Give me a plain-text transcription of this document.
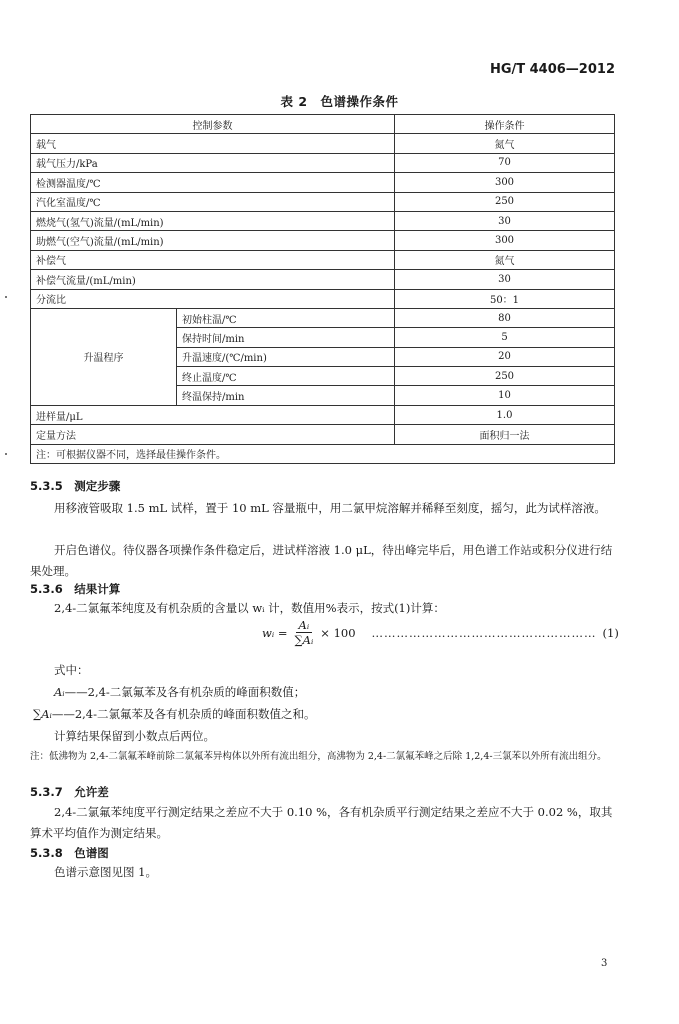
HG/T 4406—2012
表 2　色谱操作条件
控制参数		操作条件
载气		氮气
载气压力/kPa		70
检测器温度/℃		300
汽化室温度/℃		250
燃烧气(氢气)流量/(mL/min)		30
助燃气(空气)流量/(mL/min)		300
补偿气		氮气
补偿气流量/(mL/min)		30
分流比		50：1
升温程序	初始柱温/℃	80
	保持时间/min	5
	升温速度/(℃/min)	20
	终止温度/℃	250
	终温保持/min	10
进样量/μL		1.0
定量方法		面积归一法
注：可根据仪器不同，选择最佳操作条件。		
5.3.5　测定步骤
用移液管吸取 1.5 mL 试样，置于 10 mL 容量瓶中，用二氯甲烷溶解并稀释至刻度，摇匀，此为试样溶液。
开启色谱仪。待仪器各项操作条件稳定后，进试样溶液 1.0 μL，待出峰完毕后，用色谱工作站或积分仪进行结果处理。
5.3.6　结果计算
2,4-二氯氟苯纯度及有机杂质的含量以 wᵢ 计，数值用%表示，按式(1)计算：
wᵢ = $\frac{\text{Aᵢ}}{\text{∑Aᵢ}} \times 100$ ……………………………………………… (1)
式中：
Aᵢ——2,4-二氯氟苯及各有机杂质的峰面积数值；
∑Aᵢ——2,4-二氯氟苯及各有机杂质的峰面积数值之和。
计算结果保留到小数点后两位。
注：低沸物为 2,4-二氯氟苯峰前除二氯氟苯异构体以外所有流出组分，高沸物为 2,4-二氯氟苯峰之后除 1,2,4-三氯苯以外所有流出组分。
5.3.7　允许差
2,4-二氯氟苯纯度平行测定结果之差应不大于 0.10 %，各有机杂质平行测定结果之差应不大于 0.02 %，取其算术平均值作为测定结果。
5.3.8　色谱图
色谱示意图见图 1。
3
